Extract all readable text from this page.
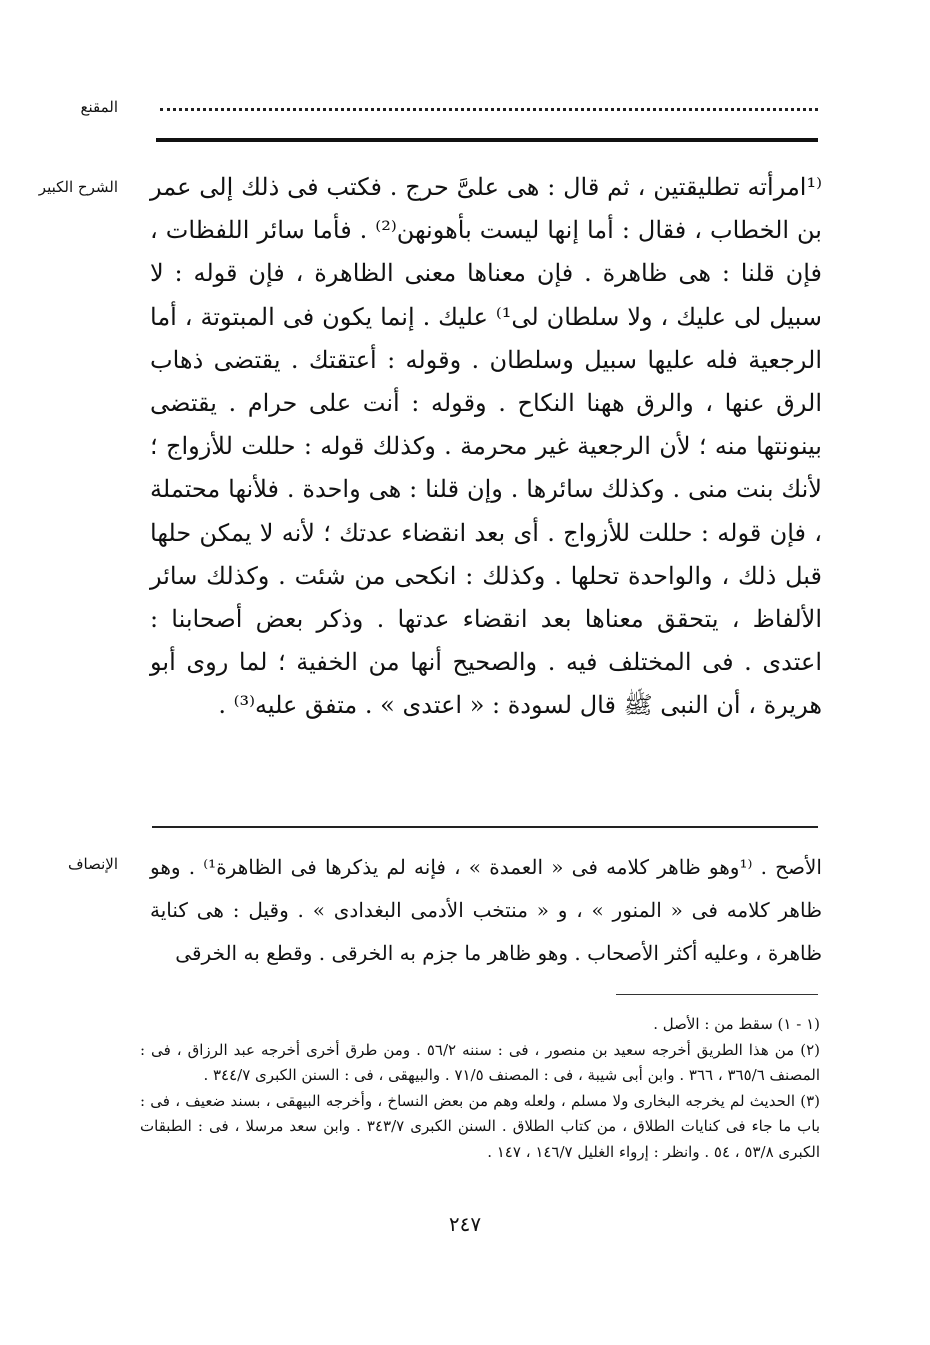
المقنع
الشرح الكبير ⁽¹امرأته تطليقتين ، ثم قال : هى علىَّ حرج . فكتب فى ذلك إلى عمر بن الخطاب ، فقال : أما إنها ليست بأهونهن⁽²⁾ . فأما سائر اللفظات ، فإن قلنا : هى ظاهرة . فإن معناها معنى الظاهرة ، فإن قوله : لا سبيل لى عليك ، ولا سلطان لى¹⁾ عليك . إنما يكون فى المبتوتة ، أما الرجعية فله عليها سبيل وسلطان . وقوله : أعتقتك . يقتضى ذهاب الرق عنها ، والرق ههنا النكاح . وقوله : أنت على حرام . يقتضى بينونتها منه ؛ لأن الرجعية غير محرمة . وكذلك قوله : حللت للأزواج ؛ لأنك بنت منى . وكذلك سائرها . وإن قلنا : هى واحدة . فلأنها محتملة ، فإن قوله : حللت للأزواج . أى بعد انقضاء عدتك ؛ لأنه لا يمكن حلها قبل ذلك ، والواحدة تحلها . وكذلك : انكحى من شئت . وكذلك سائر الألفاظ ، يتحقق معناها بعد انقضاء عدتها . وذكر بعض أصحابنا : اعتدى . فى المختلف فيه . والصحيح أنها من الخفية ؛ لما روى أبو هريرة ، أن النبى ﷺ قال لسودة : « اعتدى » . متفق عليه⁽³⁾ .
الإنصاف الأصح . ⁽¹وهو ظاهر كلامه فى « العمدة » ، فإنه لم يذكرها فى الظاهرة¹⁾ . وهو ظاهر كلامه فى « المنور » ، و « منتخب الأدمى البغدادى » . وقيل : هى كناية ظاهرة ، وعليه أكثر الأصحاب . وهو ظاهر ما جزم به الخرقى . وقطع به الخرقى
(١ - ١) سقط من : الأصل .
(٢) من هذا الطريق أخرجه سعيد بن منصور ، فى : سننه ٥٦/٢ . ومن طرق أخرى أخرجه عبد الرزاق ، فى : المصنف ٣٦٥/٦ ، ٣٦٦ . وابن أبى شيبة ، فى : المصنف ٧١/٥ . والبيهقى ، فى : السنن الكبرى ٣٤٤/٧ .
(٣) الحديث لم يخرجه البخارى ولا مسلم ، ولعله وهم من بعض النساخ ، وأخرجه البيهقى ، بسند ضعيف ، فى : باب ما جاء فى كنايات الطلاق ، من كتاب الطلاق . السنن الكبرى ٣٤٣/٧ . وابن سعد مرسلا ، فى : الطبقات الكبرى ٥٣/٨ ، ٥٤ . وانظر : إرواء الغليل ١٤٦/٧ ، ١٤٧ .
٢٤٧
